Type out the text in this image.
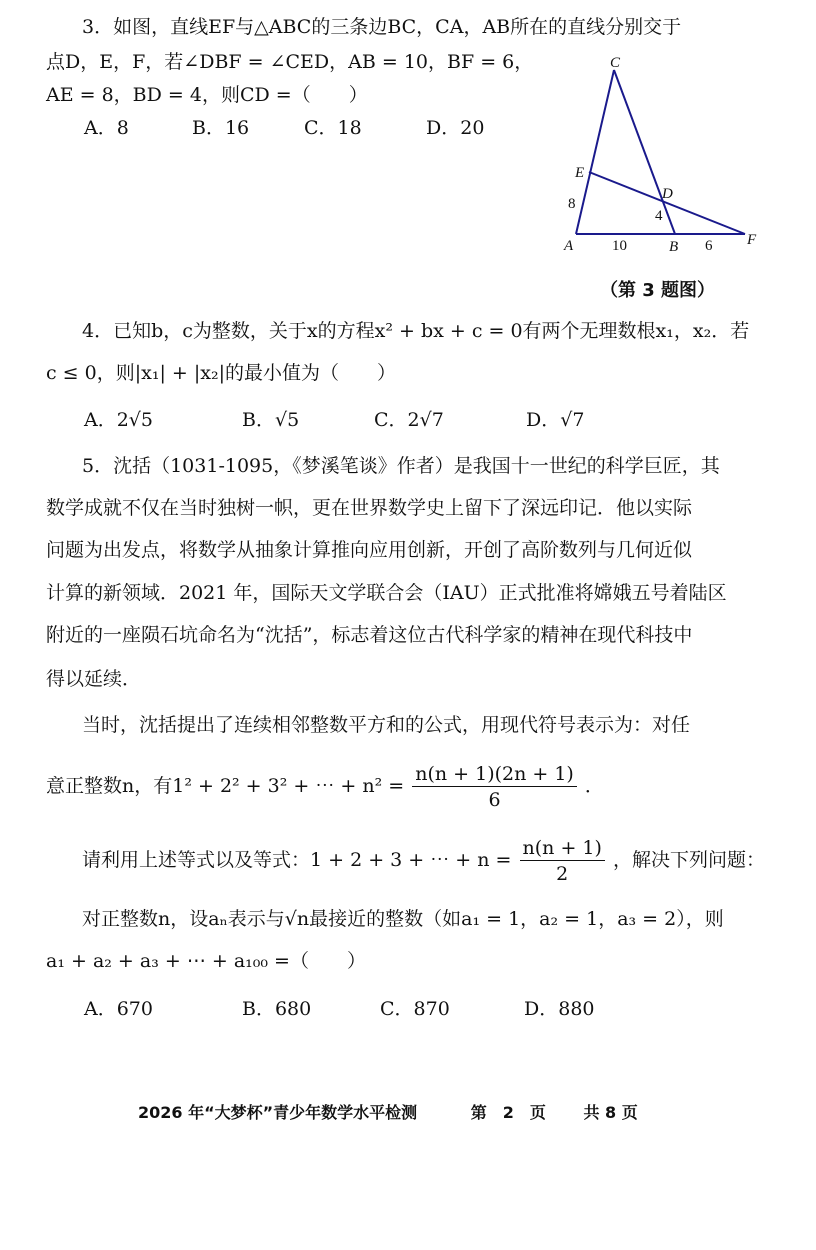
3．如图，直线EF与△ABC的三条边BC，CA，AB所在的直线分别交于
点D，E，F，若∠DBF = ∠CED，AB = 10，BF = 6，
AE = 8，BD = 4，则CD =（　　）
A．8	B．16	C．18	D．20
C
E
D
A	B	F
8
4
10	6
（第 3 题图）
4．已知b，c为整数，关于x的方程x² + bx + c = 0有两个无理数根x₁，x₂．若
c ≤ 0，则|x₁| + |x₂|的最小值为（　　）
A．2√5	B．√5	C．2√7	D．√7
5．沈括（1031-1095，《梦溪笔谈》作者）是我国十一世纪的科学巨匠，其
数学成就不仅在当时独树一帜，更在世界数学史上留下了深远印记．他以实际
问题为出发点，将数学从抽象计算推向应用创新，开创了高阶数列与几何近似
计算的新领域．2021 年，国际天文学联合会（IAU）正式批准将嫦娥五号着陆区
附近的一座陨石坑命名为“沈括”，标志着这位古代科学家的精神在现代科技中
得以延续．
当时，沈括提出了连续相邻整数平方和的公式，用现代符号表示为：对任
意正整数n，有1² + 2² + 3² + ⋯ + $n^2 = \frac{n(n + 1)(2n + 1)}{6}$ ．
请利用上述等式以及等式：1 + 2 + 3 + ⋯ + $n = \frac{n(n + 1)}{2}$ ，解决下列问题：
对正整数n，设aₙ表示与√n最接近的整数（如a₁ = 1，a₂ = 1，a₃ = 2），则
a₁ + a₂ + a₃ + ⋯ + a₁₀₀ =（　　）
A．670	B．680	C．870	D．880
2026 年“大梦杯”青少年数学水平检测	第　2　页 共 8 页
